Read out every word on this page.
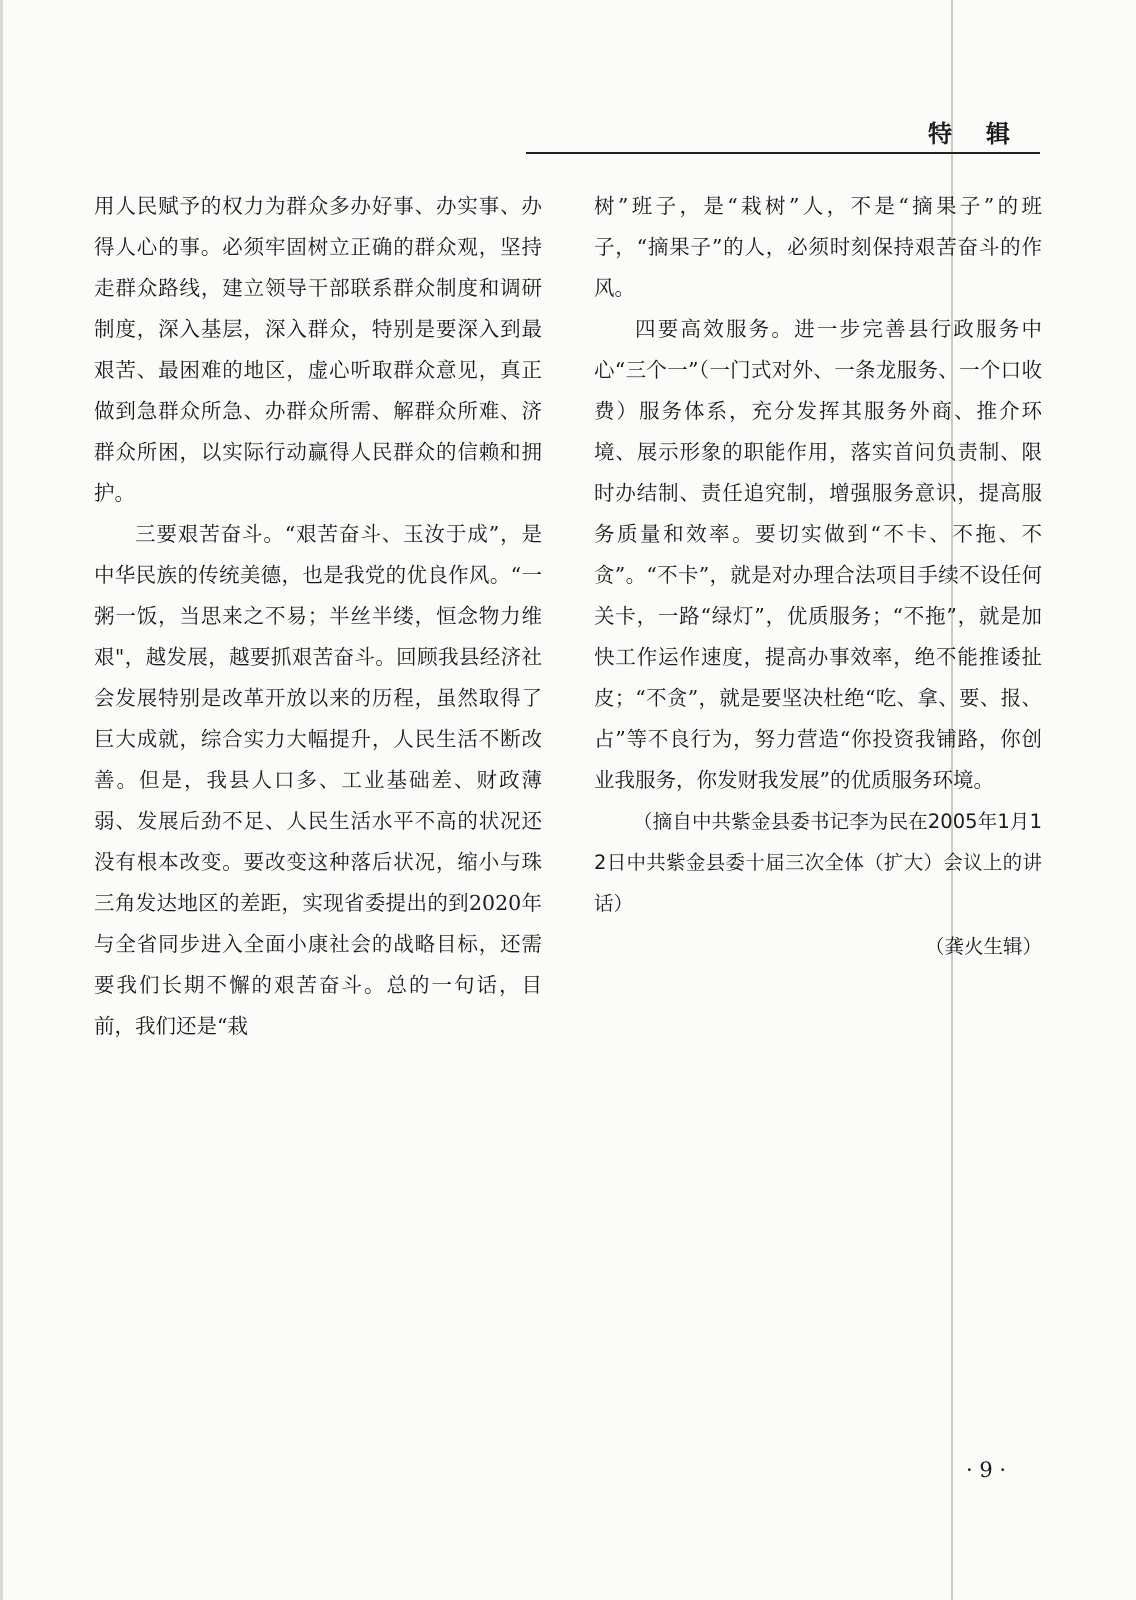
特辑

用人民赋予的权力为群众多办好事、办实事、办得人心的事。必须牢固树立正确的群众观，坚持走群众路线，建立领导干部联系群众制度和调研制度，深入基层，深入群众，特别是要深入到最艰苦、最困难的地区，虚心听取群众意见，真正做到急群众所急、办群众所需、解群众所难、济群众所困，以实际行动赢得人民群众的信赖和拥护。

三要艰苦奋斗。“艰苦奋斗、玉汝于成”，是中华民族的传统美德，也是我党的优良作风。“一粥一饭，当思来之不易；半丝半缕，恒念物力维艰"，越发展，越要抓艰苦奋斗。回顾我县经济社会发展特别是改革开放以来的历程，虽然取得了巨大成就，综合实力大幅提升，人民生活不断改善。但是，我县人口多、工业基础差、财政薄弱、发展后劲不足、人民生活水平不高的状况还没有根本改变。要改变这种落后状况，缩小与珠三角发达地区的差距，实现省委提出的到2020年与全省同步进入全面小康社会的战略目标，还需要我们长期不懈的艰苦奋斗。总的一句话，目前，我们还是“栽

树”班子，是“栽树”人，不是“摘果子”的班子，“摘果子”的人，必须时刻保持艰苦奋斗的作风。

四要高效服务。进一步完善县行政服务中心“三个一”（一门式对外、一条龙服务、一个口收费）服务体系，充分发挥其服务外商、推介环境、展示形象的职能作用，落实首问负责制、限时办结制、责任追究制，增强服务意识，提高服务质量和效率。要切实做到“不卡、不拖、不贪”。“不卡”，就是对办理合法项目手续不设任何关卡，一路“绿灯”，优质服务；“不拖”，就是加快工作运作速度，提高办事效率，绝不能推诿扯皮；“不贪”，就是要坚决杜绝“吃、拿、要、报、占”等不良行为，努力营造“你投资我铺路，你创业我服务，你发财我发展”的优质服务环境。

（摘自中共紫金县委书记李为民在2005年1月12日中共紫金县委十届三次全体（扩大）会议上的讲话）

（龚火生辑）

· 9 ·
